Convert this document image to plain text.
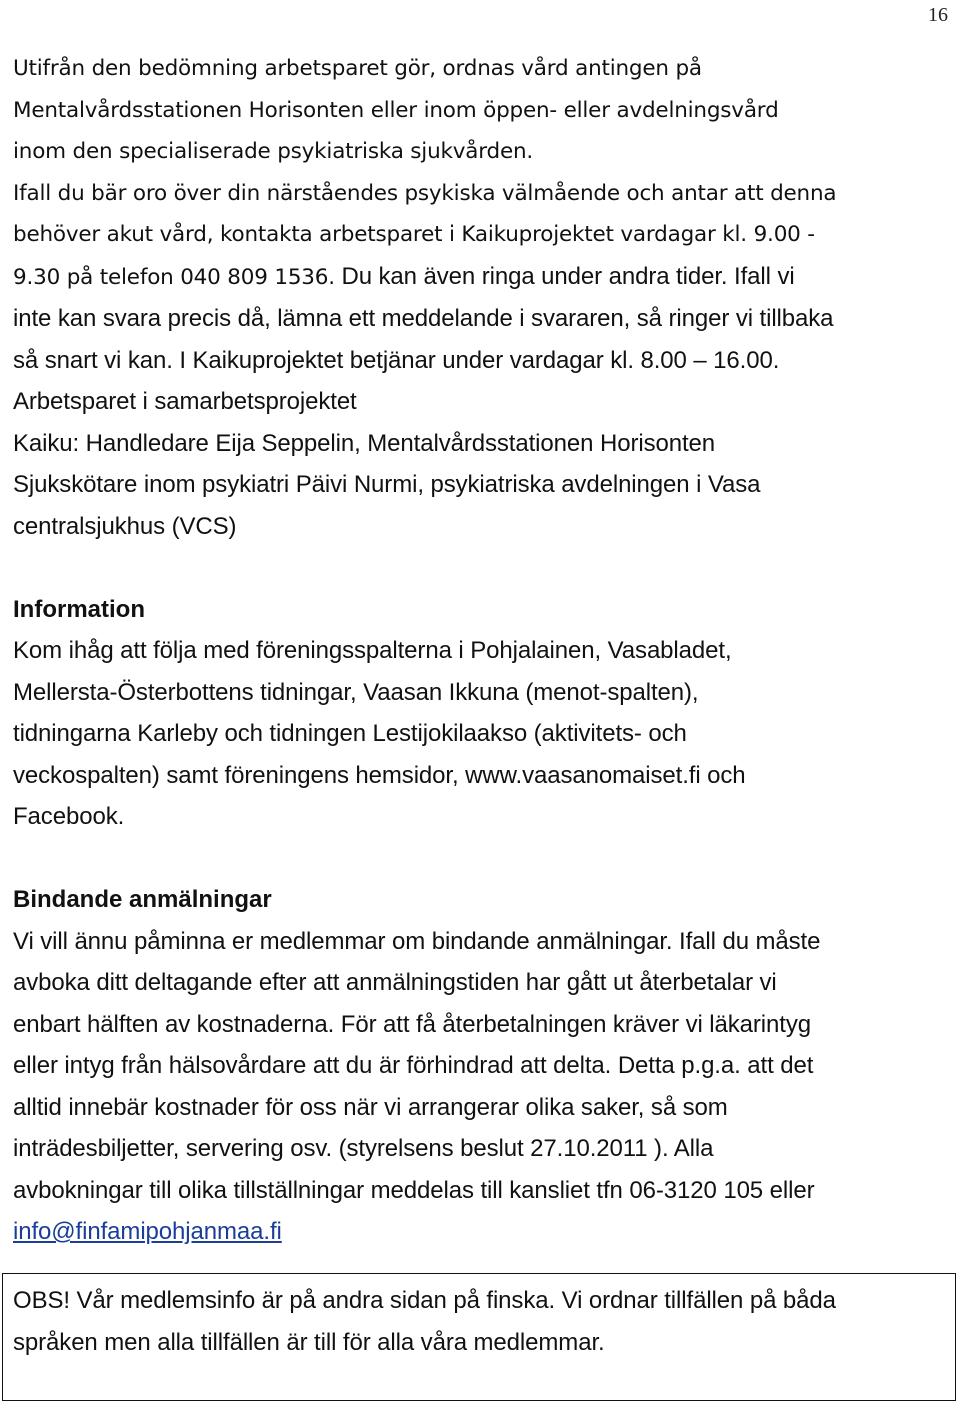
16
Utifrån den bedömning arbetsparet gör, ordnas vård antingen på
Mentalvårdsstationen Horisonten eller inom öppen- eller avdelningsvård
inom den specialiserade psykiatriska sjukvården.
Ifall du bär oro över din närståendes psykiska välmående och antar att denna
behöver akut vård, kontakta arbetsparet i Kaikuprojektet vardagar kl. 9.00 -
9.30 på telefon 040 809 1536. Du kan även ringa under andra tider. Ifall vi
inte kan svara precis då, lämna ett meddelande i svararen, så ringer vi tillbaka
så snart vi kan. I Kaikuprojektet betjänar under vardagar kl. 8.00 – 16.00.
Arbetsparet i samarbetsprojektet
Kaiku: Handledare Eija Seppelin, Mentalvårdsstationen Horisonten
Sjukskötare inom psykiatri Päivi Nurmi, psykiatriska avdelningen i Vasa
centralsjukhus (VCS)
Information
Kom ihåg att följa med föreningsspalterna i Pohjalainen, Vasabladet,
Mellersta-Österbottens tidningar, Vaasan Ikkuna (menot-spalten),
tidningarna Karleby och tidningen Lestijokilaakso (aktivitets- och
veckospalten) samt föreningens hemsidor, www.vaasanomaiset.fi och
Facebook.
Bindande anmälningar
Vi vill ännu påminna er medlemmar om bindande anmälningar. Ifall du måste
avboka ditt deltagande efter att anmälningstiden har gått ut återbetalar vi
enbart hälften av kostnaderna. För att få återbetalningen kräver vi läkarintyg
eller intyg från hälsovårdare att du är förhindrad att delta. Detta p.g.a. att det
alltid innebär kostnader för oss när vi arrangerar olika saker, så som
inträdesbiljetter, servering osv. (styrelsens beslut 27.10.2011 ). Alla
avbokningar till olika tillställningar meddelas till kansliet tfn 06-3120 105 eller
info@finfamipohjanmaa.fi
OBS! Vår medlemsinfo är på andra sidan på finska. Vi ordnar tillfällen på båda
språken men alla tillfällen är till för alla våra medlemmar.
